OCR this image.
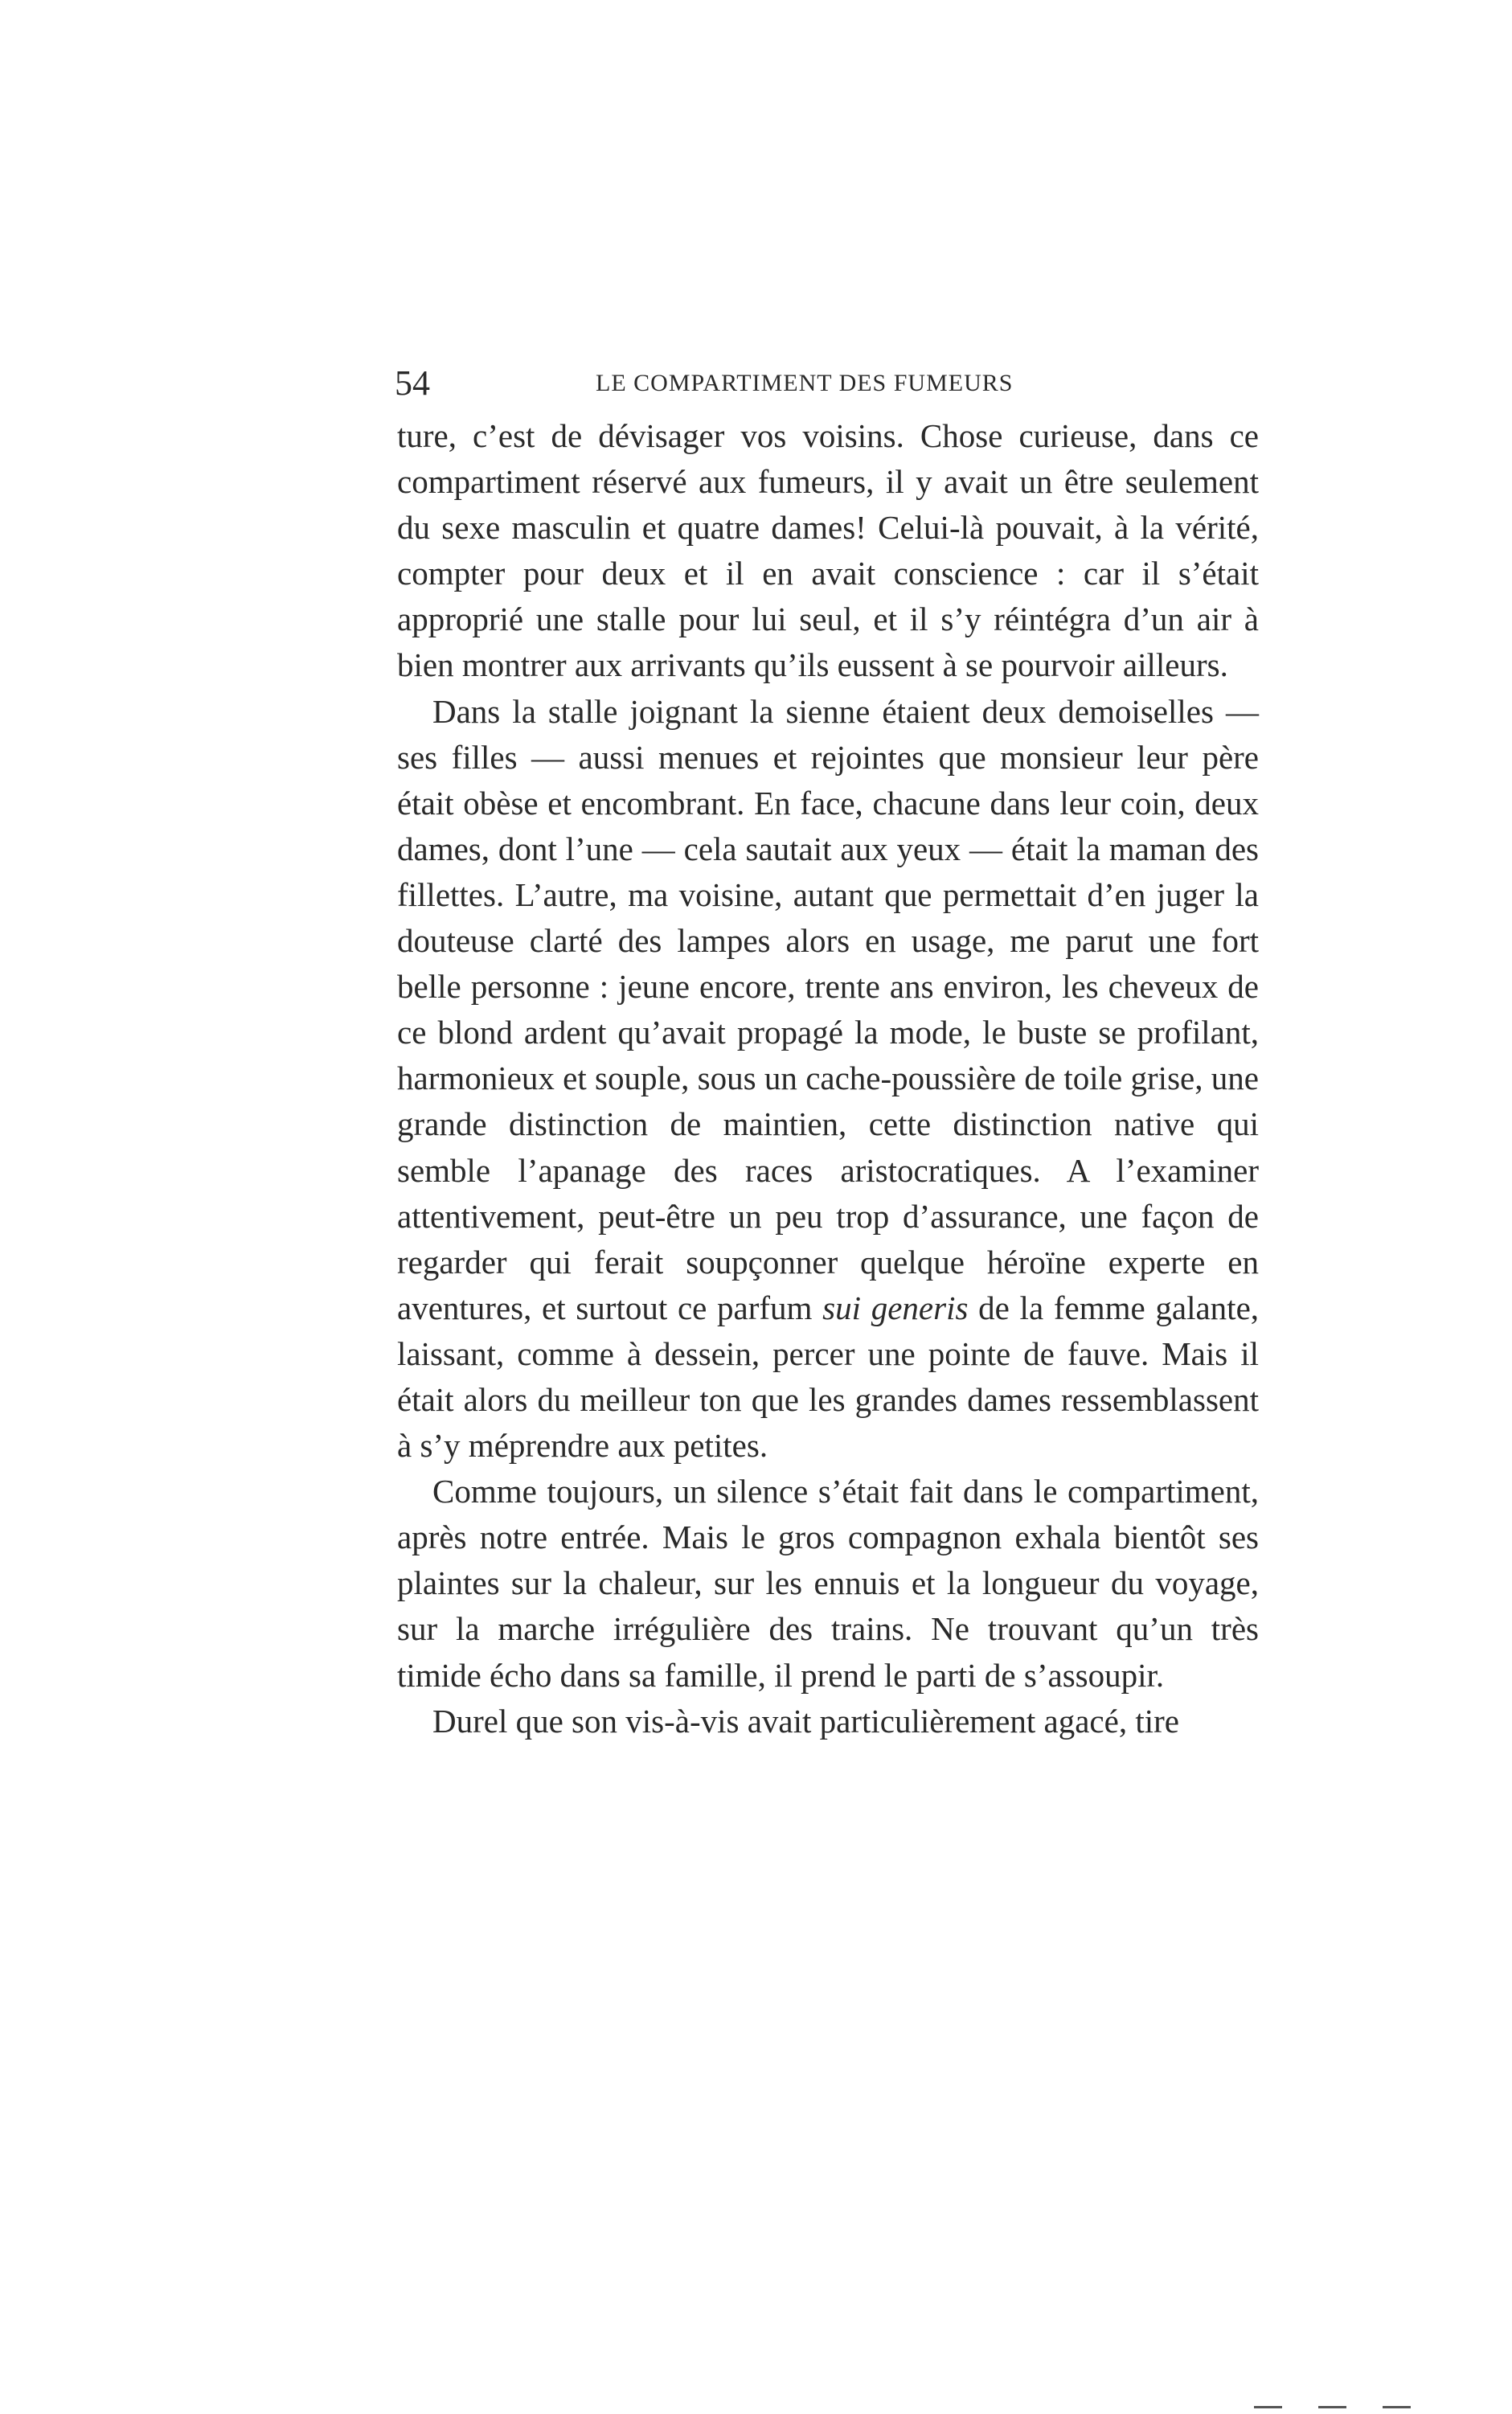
54	LE COMPARTIMENT DES FUMEURS

ture, c’est de dévisager vos voisins. Chose curieuse, dans ce compartiment réservé aux fumeurs, il y avait un être seulement du sexe masculin et quatre dames! Celui-là pouvait, à la vérité, compter pour deux et il en avait conscience : car il s’était approprié une stalle pour lui seul, et il s’y réintégra d’un air à bien montrer aux arrivants qu’ils eussent à se pourvoir ailleurs.

Dans la stalle joignant la sienne étaient deux demoiselles — ses filles — aussi menues et rejointes que monsieur leur père était obèse et encombrant. En face, chacune dans leur coin, deux dames, dont l’une — cela sautait aux yeux — était la maman des fillettes. L’autre, ma voisine, autant que permettait d’en juger la douteuse clarté des lampes alors en usage, me parut une fort belle personne : jeune encore, trente ans environ, les cheveux de ce blond ardent qu’avait propagé la mode, le buste se profilant, harmonieux et souple, sous un cache-poussière de toile grise, une grande distinction de maintien, cette distinction native qui semble l’apanage des races aristocratiques. A l’examiner attentivement, peut-être un peu trop d’assurance, une façon de regarder qui ferait soupçonner quelque héroïne experte en aventures, et surtout ce parfum sui generis de la femme galante, laissant, comme à dessein, percer une pointe de fauve. Mais il était alors du meilleur ton que les grandes dames ressemblassent à s’y méprendre aux petites.

Comme toujours, un silence s’était fait dans le compartiment, après notre entrée. Mais le gros compagnon exhala bientôt ses plaintes sur la chaleur, sur les ennuis et la longueur du voyage, sur la marche irrégulière des trains. Ne trouvant qu’un très timide écho dans sa famille, il prend le parti de s’assoupir.

Durel que son vis-à-vis avait particulièrement agacé, tire
